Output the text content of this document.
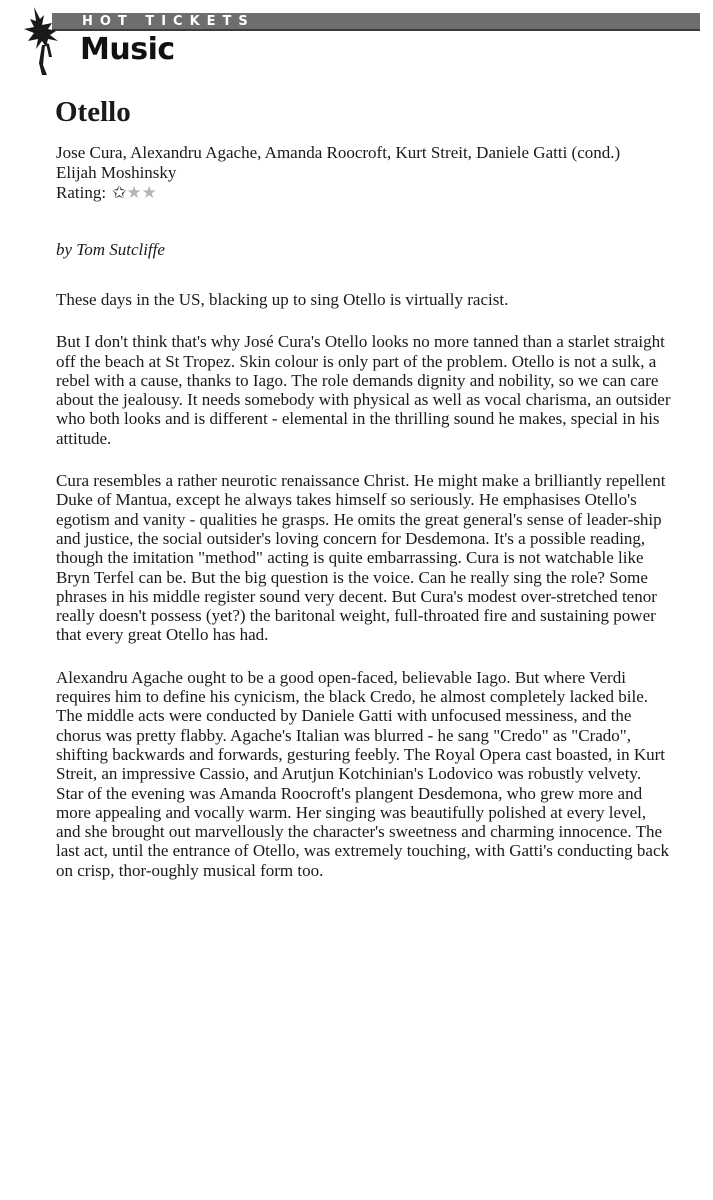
HOT TICKETS
Music
Otello
Jose Cura, Alexandru Agache, Amanda Roocroft, Kurt Streit, Daniele Gatti (cond.)
Elijah Moshinsky
Rating: ✩ ★ ★
by Tom Sutcliffe

These days in the US, blacking up to sing Otello is virtually racist.

But I don't think that's why José Cura's Otello looks no more tanned than a starlet straight off the beach at St Tropez. Skin colour is only part of the problem. Otello is not a sulk, a rebel with a cause, thanks to Iago. The role demands dignity and nobility, so we can care about the jealousy. It needs somebody with physical as well as vocal charisma, an outsider who both looks and is different - elemental in the thrilling sound he makes, special in his attitude.

Cura resembles a rather neurotic renaissance Christ. He might make a brilliantly repellent Duke of Mantua, except he always takes himself so seriously. He emphasises Otello's egotism and vanity - qualities he grasps. He omits the great general's sense of leader-ship and justice, the social outsider's loving concern for Desdemona. It's a possible reading, though the imitation "method" acting is quite embarrassing. Cura is not watchable like Bryn Terfel can be. But the big question is the voice. Can he really sing the role? Some phrases in his middle register sound very decent. But Cura's modest over-stretched tenor really doesn't possess (yet?) the baritonal weight, full-throated fire and sustaining power that every great Otello has had.

Alexandru Agache ought to be a good open-faced, believable Iago. But where Verdi requires him to define his cynicism, the black Credo, he almost completely lacked bile. The middle acts were conducted by Daniele Gatti with unfocused messiness, and the chorus was pretty flabby. Agache's Italian was blurred - he sang "Credo" as "Crado", shifting backwards and forwards, gesturing feebly. The Royal Opera cast boasted, in Kurt Streit, an impressive Cassio, and Arutjun Kotchinian's Lodovico was robustly velvety. Star of the evening was Amanda Roocroft's plangent Desdemona, who grew more and more appealing and vocally warm. Her singing was beautifully polished at every level, and she brought out marvellously the character's sweetness and charming innocence. The last act, until the entrance of Otello, was extremely touching, with Gatti's conducting back on crisp, thor-oughly musical form too.
